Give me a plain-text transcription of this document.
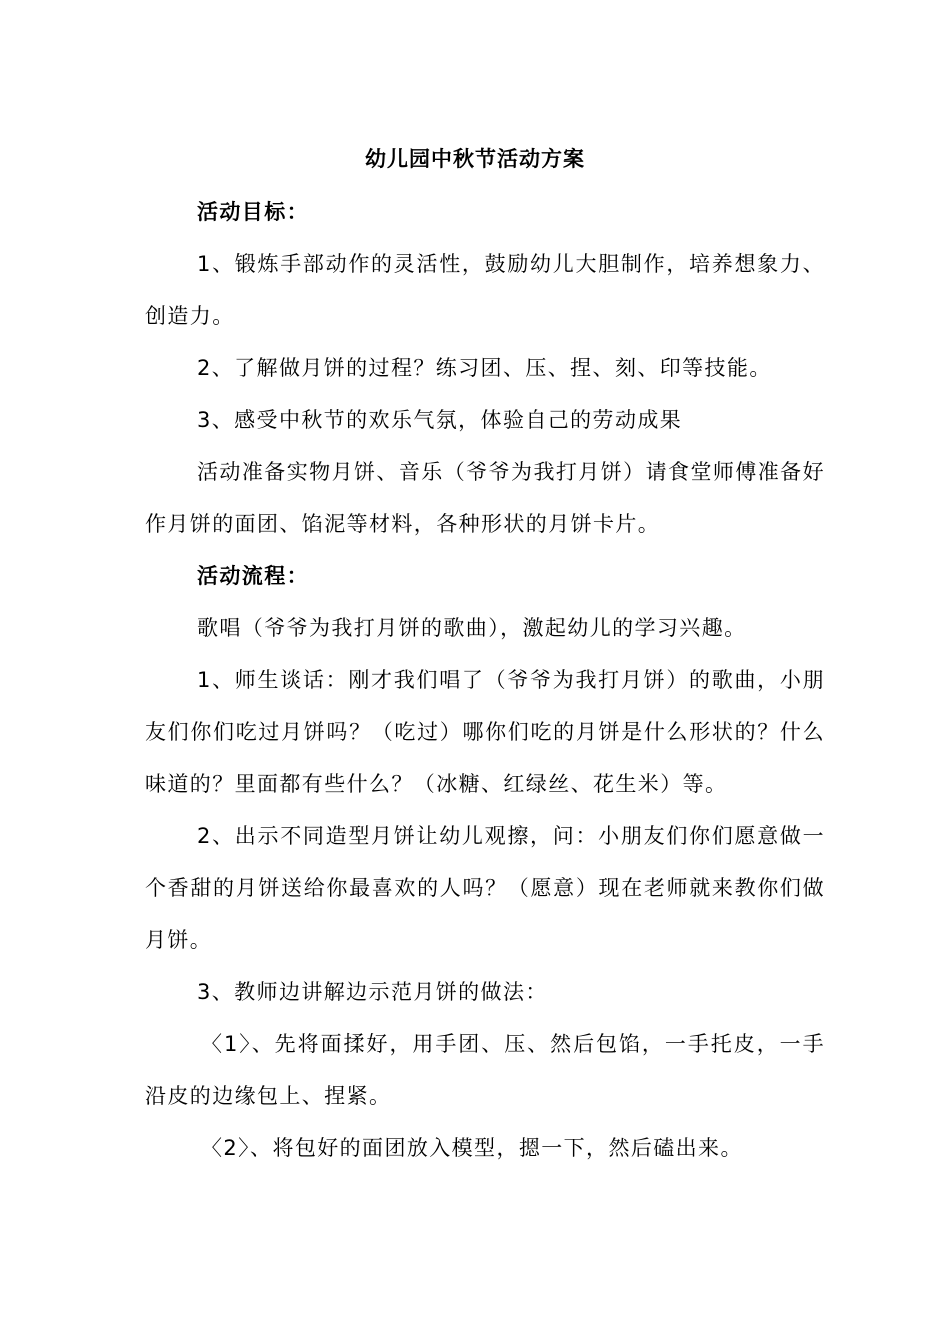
幼儿园中秋节活动方案
活动目标：
1、锻炼手部动作的灵活性，鼓励幼儿大胆制作，培养想象力、创造力。
2、了解做月饼的过程？练习团、压、捏、刻、印等技能。
3、感受中秋节的欢乐气氛，体验自己的劳动成果
活动准备实物月饼、音乐（爷爷为我打月饼）请食堂师傅准备好作月饼的面团、馅泥等材料，各种形状的月饼卡片。
活动流程：
歌唱（爷爷为我打月饼的歌曲），激起幼儿的学习兴趣。
1、师生谈话：刚才我们唱了（爷爷为我打月饼）的歌曲，小朋友们你们吃过月饼吗？（吃过）哪你们吃的月饼是什么形状的？什么味道的？里面都有些什么？（冰糖、红绿丝、花生米）等。
2、出示不同造型月饼让幼儿观擦，问：小朋友们你们愿意做一个香甜的月饼送给你最喜欢的人吗？（愿意）现在老师就来教你们做月饼。
3、教师边讲解边示范月饼的做法：
〈1〉、先将面揉好，用手团、压、然后包馅，一手托皮，一手沿皮的边缘包上、捏紧。
〈2〉、将包好的面团放入模型，摁一下，然后磕出来。
